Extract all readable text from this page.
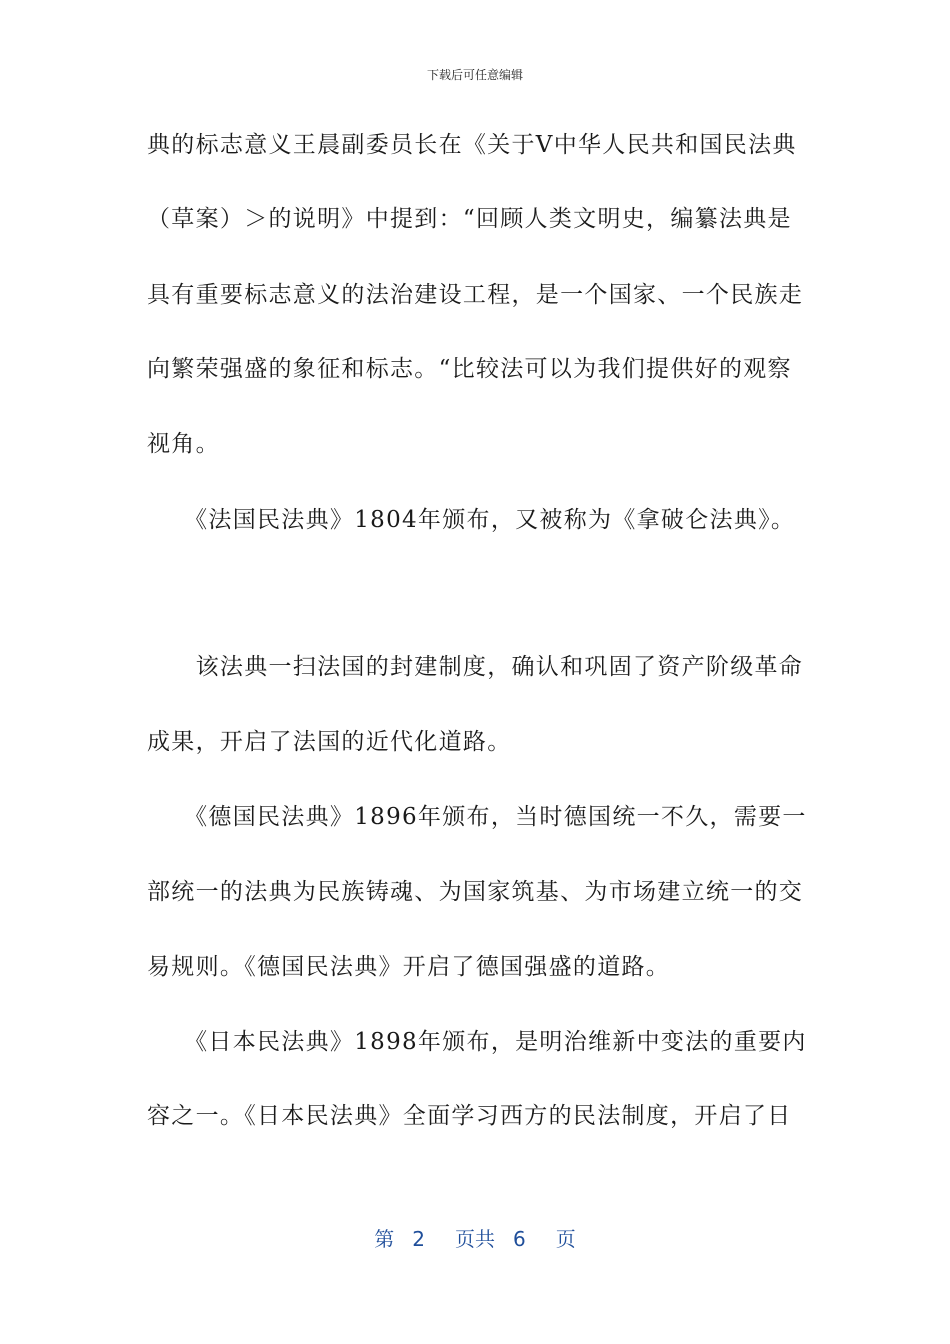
下载后可任意编辑
典的标志意义王晨副委员长在《关于Ⅴ中华人民共和国民法典
（草案）＞的说明》中提到：“回顾人类文明史，编纂法典是
具有重要标志意义的法治建设工程，是一个国家、一个民族走
向繁荣强盛的象征和标志。“比较法可以为我们提供好的观察
视角。
　　《法国民法典》1804年颁布，又被称为《拿破仑法典》。
　　该法典一扫法国的封建制度，确认和巩固了资产阶级革命
成果，开启了法国的近代化道路。
　　《德国民法典》1896年颁布，当时德国统一不久，需要一
部统一的法典为民族铸魂、为国家筑基、为市场建立统一的交
易规则。《德国民法典》开启了德国强盛的道路。
　　《日本民法典》1898年颁布，是明治维新中变法的重要内
容之一。《日本民法典》全面学习西方的民法制度，开启了日
第 2 页共 6 页
